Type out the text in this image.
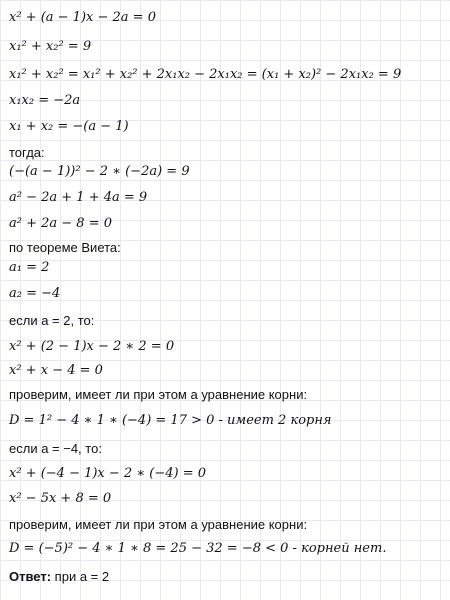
x² + (a − 1)x − 2a = 0
x₁² + x₂² = 9
x₁² + x₂² = x₁² + x₂² + 2x₁x₂ − 2x₁x₂ = (x₁ + x₂)² − 2x₁x₂ = 9
x₁x₂ = −2a
x₁ + x₂ = −(a − 1)
тогда:
(−(a − 1))² − 2 ∗ (−2a) = 9
a² − 2a + 1 + 4a = 9
a² + 2a − 8 = 0
по теореме Виета:
a₁ = 2
a₂ = −4
если a = 2, то:
x² + (2 − 1)x − 2 ∗ 2 = 0
x² + x − 4 = 0
проверим, имеет ли при этом a уравнение корни:
D = 1² − 4 ∗ 1 ∗ (−4) = 17 > 0 - имеет 2 корня
если a = −4, то:
x² + (−4 − 1)x − 2 ∗ (−4) = 0
x² − 5x + 8 = 0
проверим, имеет ли при этом a уравнение корни:
D = (−5)² − 4 ∗ 1 ∗ 8 = 25 − 32 = −8 < 0 - корней нет.
Ответ: при a = 2
